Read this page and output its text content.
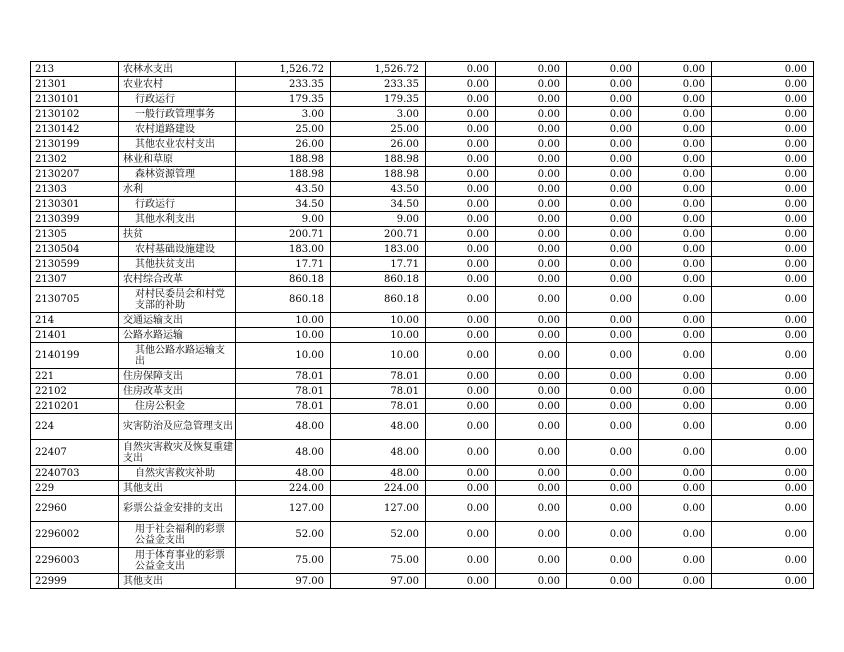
213	农林水支出	1,526.72	1,526.72	0.00	0.00	0.00	0.00	0.00
21301	农业农村	233.35	233.35	0.00	0.00	0.00	0.00	0.00
2130101	行政运行	179.35	179.35	0.00	0.00	0.00	0.00	0.00
2130102	一般行政管理事务	3.00	3.00	0.00	0.00	0.00	0.00	0.00
2130142	农村道路建设	25.00	25.00	0.00	0.00	0.00	0.00	0.00
2130199	其他农业农村支出	26.00	26.00	0.00	0.00	0.00	0.00	0.00
21302	林业和草原	188.98	188.98	0.00	0.00	0.00	0.00	0.00
2130207	森林资源管理	188.98	188.98	0.00	0.00	0.00	0.00	0.00
21303	水利	43.50	43.50	0.00	0.00	0.00	0.00	0.00
2130301	行政运行	34.50	34.50	0.00	0.00	0.00	0.00	0.00
2130399	其他水利支出	9.00	9.00	0.00	0.00	0.00	0.00	0.00
21305	扶贫	200.71	200.71	0.00	0.00	0.00	0.00	0.00
2130504	农村基础设施建设	183.00	183.00	0.00	0.00	0.00	0.00	0.00
2130599	其他扶贫支出	17.71	17.71	0.00	0.00	0.00	0.00	0.00
21307	农村综合改革	860.18	860.18	0.00	0.00	0.00	0.00	0.00
2130705	对村民委员会和村党支部的补助	860.18	860.18	0.00	0.00	0.00	0.00	0.00
214	交通运输支出	10.00	10.00	0.00	0.00	0.00	0.00	0.00
21401	公路水路运输	10.00	10.00	0.00	0.00	0.00	0.00	0.00
2140199	其他公路水路运输支出	10.00	10.00	0.00	0.00	0.00	0.00	0.00
221	住房保障支出	78.01	78.01	0.00	0.00	0.00	0.00	0.00
22102	住房改革支出	78.01	78.01	0.00	0.00	0.00	0.00	0.00
2210201	住房公积金	78.01	78.01	0.00	0.00	0.00	0.00	0.00
224	灾害防治及应急管理支出	48.00	48.00	0.00	0.00	0.00	0.00	0.00
22407	自然灾害救灾及恢复重建支出	48.00	48.00	0.00	0.00	0.00	0.00	0.00
2240703	自然灾害救灾补助	48.00	48.00	0.00	0.00	0.00	0.00	0.00
229	其他支出	224.00	224.00	0.00	0.00	0.00	0.00	0.00
22960	彩票公益金安排的支出	127.00	127.00	0.00	0.00	0.00	0.00	0.00
2296002	用于社会福利的彩票公益金支出	52.00	52.00	0.00	0.00	0.00	0.00	0.00
2296003	用于体育事业的彩票公益金支出	75.00	75.00	0.00	0.00	0.00	0.00	0.00
22999	其他支出	97.00	97.00	0.00	0.00	0.00	0.00	0.00
